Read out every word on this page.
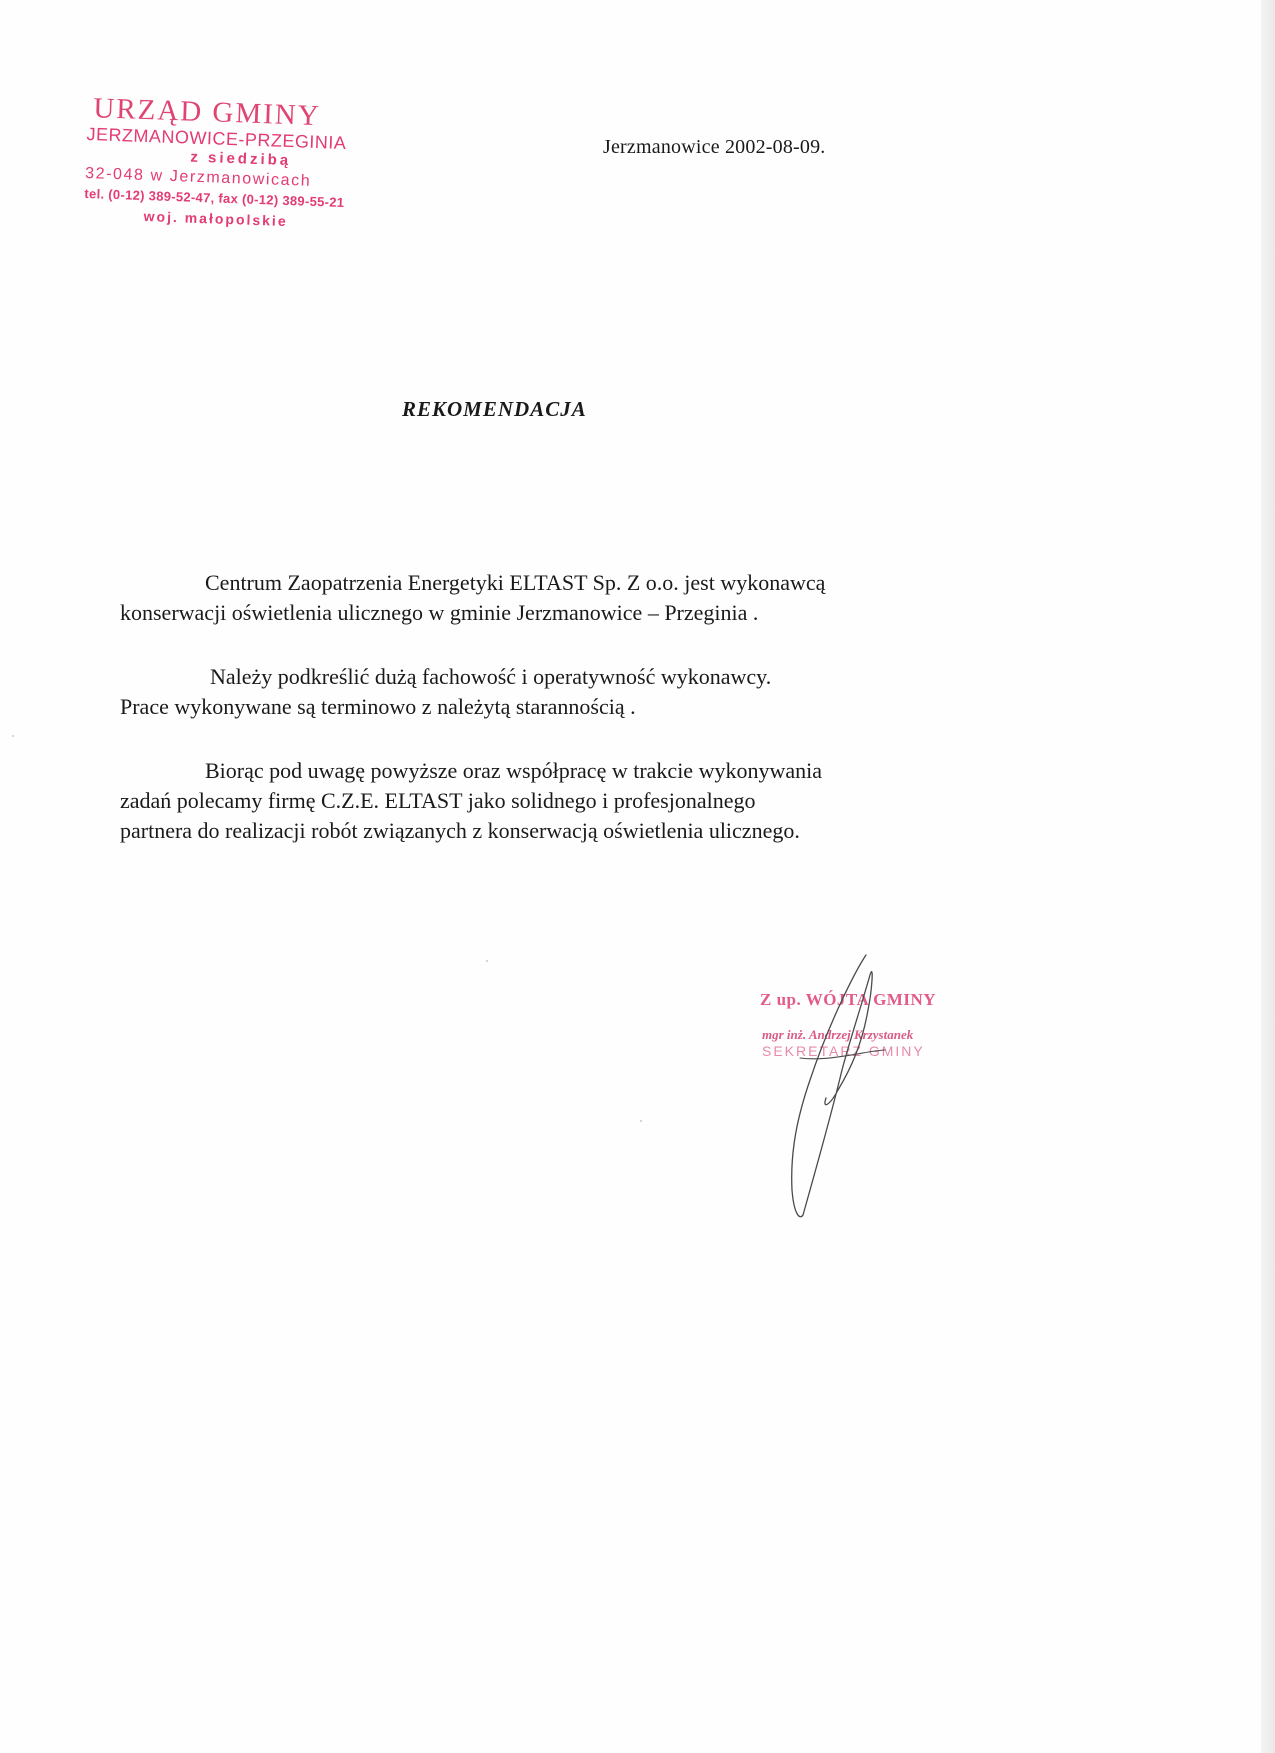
URZĄD GMINY
JERZMANOWICE-PRZEGINIA
z siedzibą
32-048 w Jerzmanowicach
tel. (0-12) 389-52-47, fax (0-12) 389-55-21
woj. małopolskie
Jerzmanowice 2002-08-09.
REKOMENDACJA
Centrum Zaopatrzenia Energetyki ELTAST Sp. Z o.o. jest wykonawcą
konserwacji oświetlenia ulicznego w gminie Jerzmanowice – Przeginia .
Należy podkreślić dużą fachowość i operatywność wykonawcy.
Prace wykonywane są terminowo z należytą starannością .
Biorąc pod uwagę powyższe oraz współpracę w trakcie wykonywania
zadań polecamy firmę C.Z.E. ELTAST jako solidnego i profesjonalnego
partnera do realizacji robót związanych z konserwacją oświetlenia ulicznego.
Z up. WÓJTA GMINY
mgr inż. Andrzej Krzystanek
SEKRETARZ GMINY
